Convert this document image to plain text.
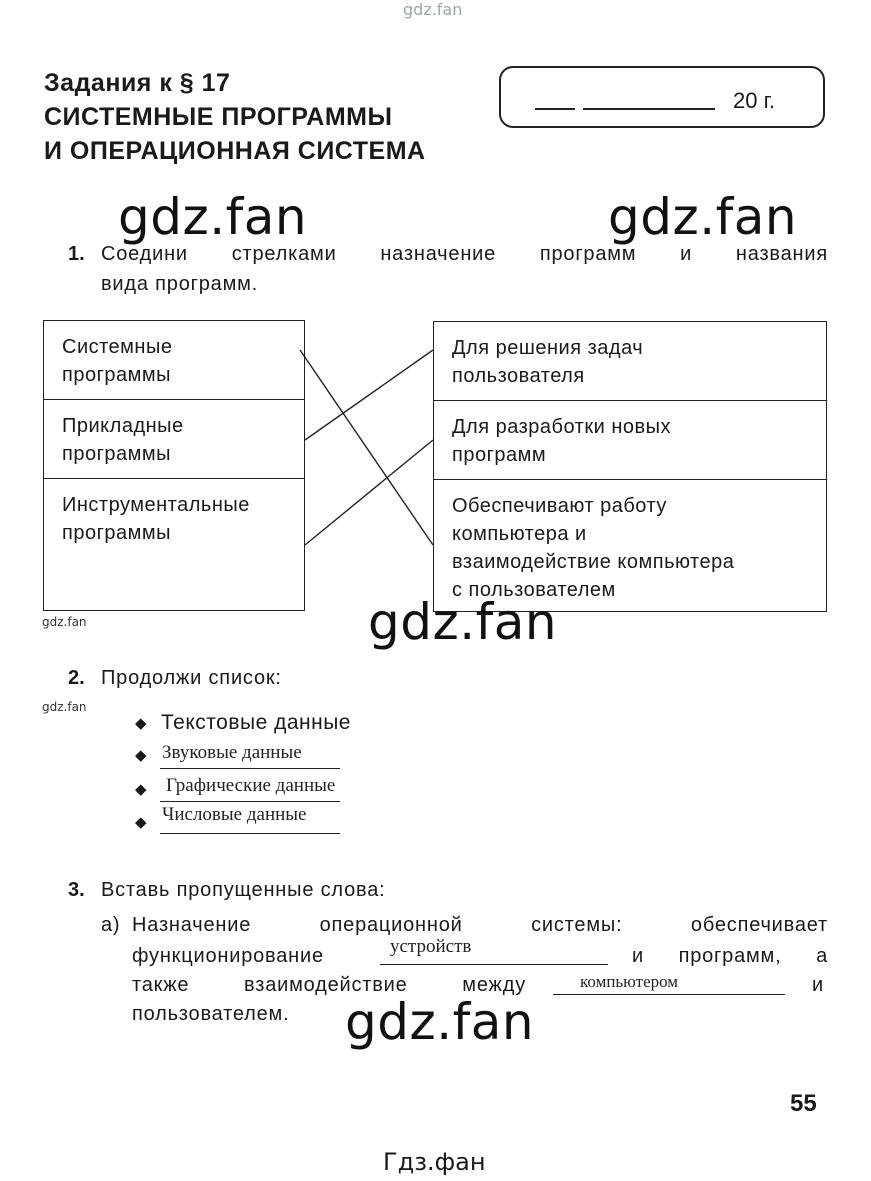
gdz.fan
Задания к § 17
СИСТЕМНЫЕ ПРОГРАММЫ
И ОПЕРАЦИОННАЯ СИСТЕМА
20 г.
gdz.fan	gdz.fan
1. Соедини стрелками назначение программ и названия
вида программ.
Системные
программы
Прикладные
программы
Инструментальные
программы
Для решения задач
пользователя
Для разработки новых
программ
Обеспечивают работу
компьютера и
взаимодействие компьютера
с пользователем
gdz.fan	gdz.fan
2. Продолжи список:
gdz.fan
◆ Текстовые данные
◆ Звуковые данные
◆ Графические данные
◆ Числовые данные
3. Вставь пропущенные слова:
а) Назначение операционной системы: обеспечивает
функционирование	устройств	и программ, а
также взаимодействие между	компьютером	и
пользователем. gdz.fan
55
Гдз.фан
